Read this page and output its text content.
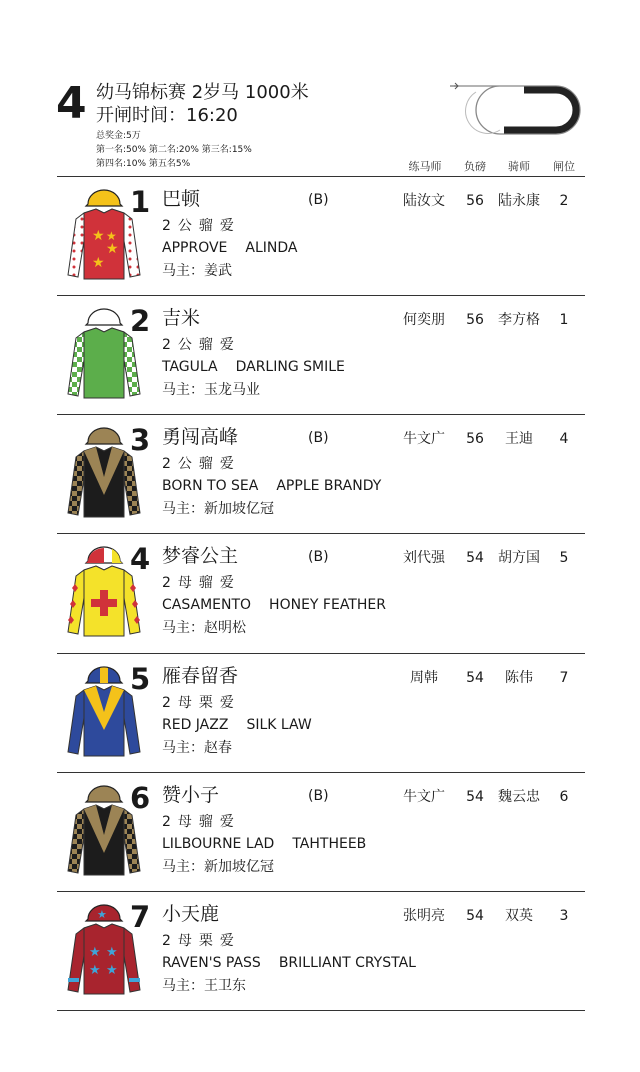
4 幼马锦标赛 2岁马 1000米
开闸时间：16:20
总奖金:5万
第一名:50% 第二名:20% 第三名:15%
第四名:10% 第五名5%	练马师	负磅	骑师	闸位
★
★
★
★
1 巴顿	(B)	陆汝文	56 陆永康 2
2公骝爱
APPROVE ALINDA
马主：姜武
2 吉米	何奕朋	56 李方格 1
2公骝爱
TAGULA DARLING SMILE
马主：玉龙马业
3 勇闯高峰	(B)	牛文广	56	王迪	4
2公骝爱
BORN TO SEA APPLE BRANDY
马主：新加坡亿冠
4 梦睿公主	(B)	刘代强	54 胡方国 5
2母骝爱
CASAMENTO HONEY FEATHER
马主：赵明松
5 雁春留香	周韩	54	陈伟	7
2母栗爱
RED JAZZ SILK LAW
马主：赵春
6 赞小子	(B)	牛文广	54 魏云忠 6
2母骝爱
LILBOURNE LAD TAHTHEEB
马主：新加坡亿冠
★
★ ★
★ ★
7 小天鹿	张明亮	54	双英	3
2母栗爱
RAVEN'S PASS BRILLIANT CRYSTAL
马主：王卫东
